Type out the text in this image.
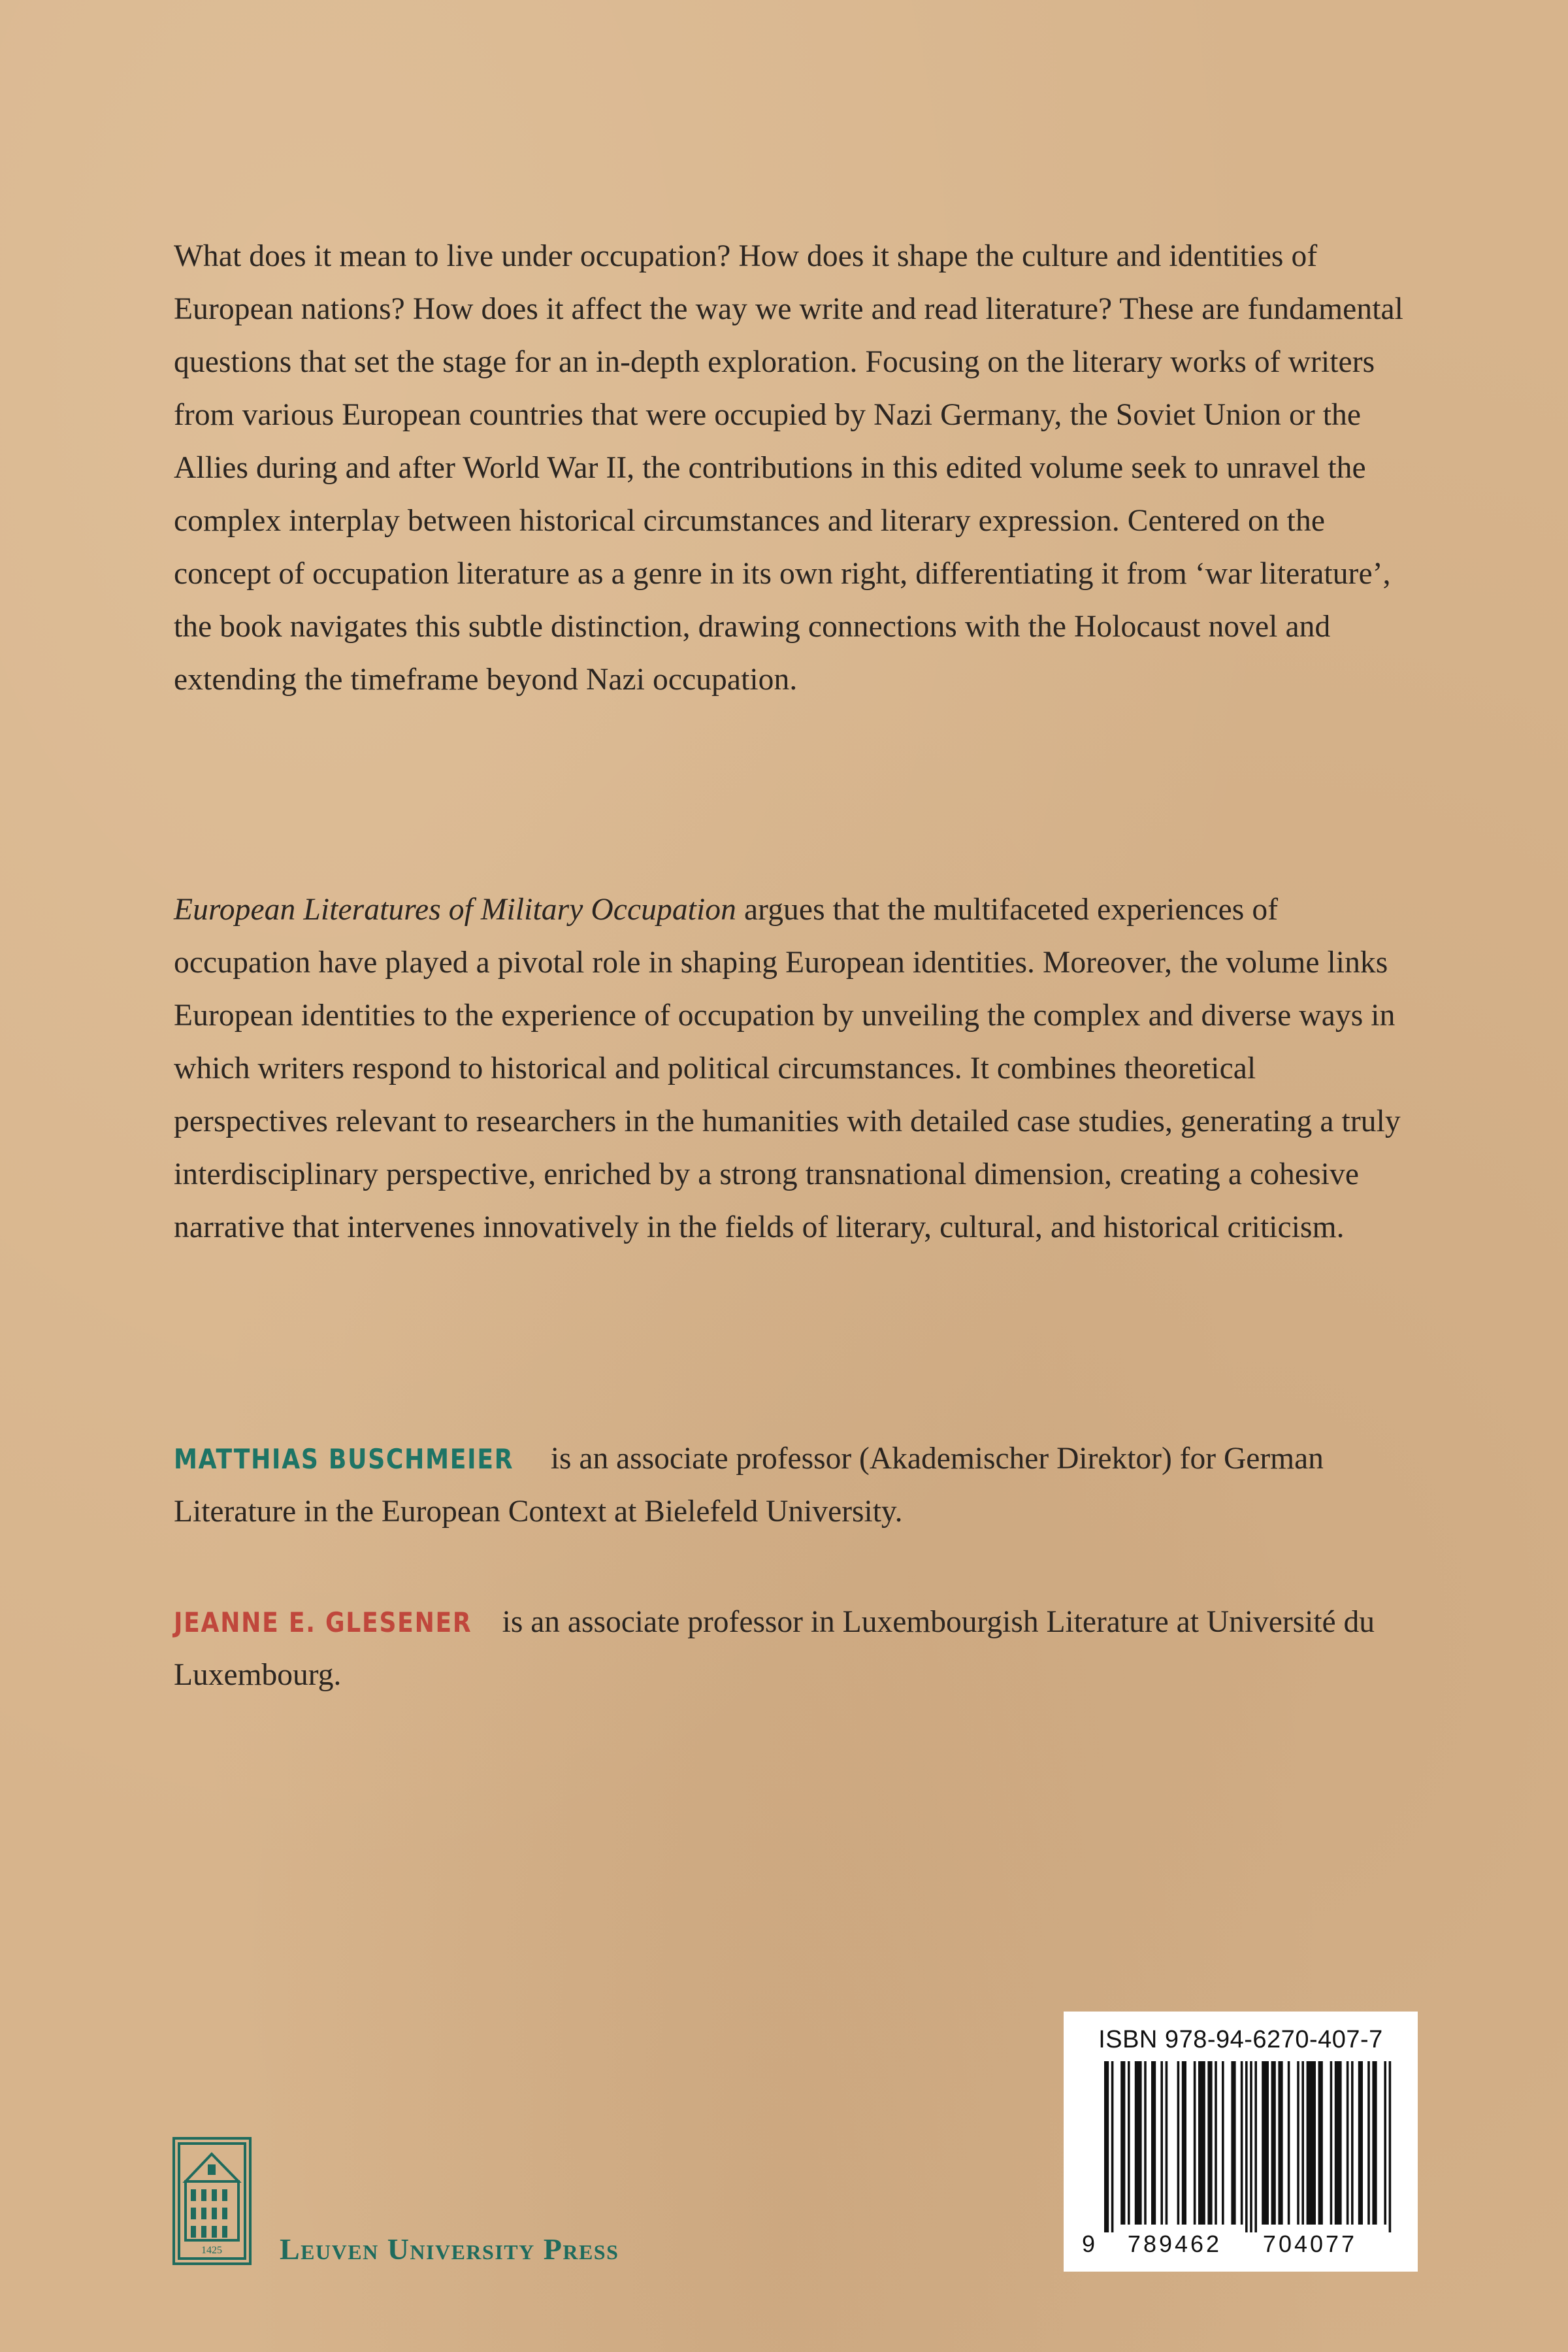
What does it mean to live under occupation? How does it shape the culture and identities of European nations? How does it affect the way we write and read literature? These are fundamental questions that set the stage for an in-depth exploration. Focusing on the literary works of writers from various European countries that were occupied by Nazi Germany, the Soviet Union or the Allies during and after World War II, the contributions in this edited volume seek to unravel the complex interplay between historical circumstances and literary expression. Centered on the concept of occupation literature as a genre in its own right, differentiating it from ‘war literature’, the book navigates this subtle distinction, drawing connections with the Holocaust novel and extending the timeframe beyond Nazi occupation.

European Literatures of Military Occupation argues that the multifaceted experiences of occupation have played a pivotal role in shaping European identities. Moreover, the volume links European identities to the experience of occupation by unveiling the complex and diverse ways in which writers respond to historical and political circumstances. It combines theoretical perspectives relevant to researchers in the humanities with detailed case studies, generating a truly interdisciplinary perspective, enriched by a strong transnational dimension, creating a cohesive narrative that intervenes innovatively in the fields of literary, cultural, and historical criticism.

MATTHIAS BUSCHMEIER is an associate professor (Akademischer Direktor) for German Literature in the European Context at Bielefeld University.

JEANNE E. GLESENER is an associate professor in Luxembourgish Literature at Université du Luxembourg.

1425 Leuven University Press
ISBN 978-94-6270-407-7
9 789462 704077
